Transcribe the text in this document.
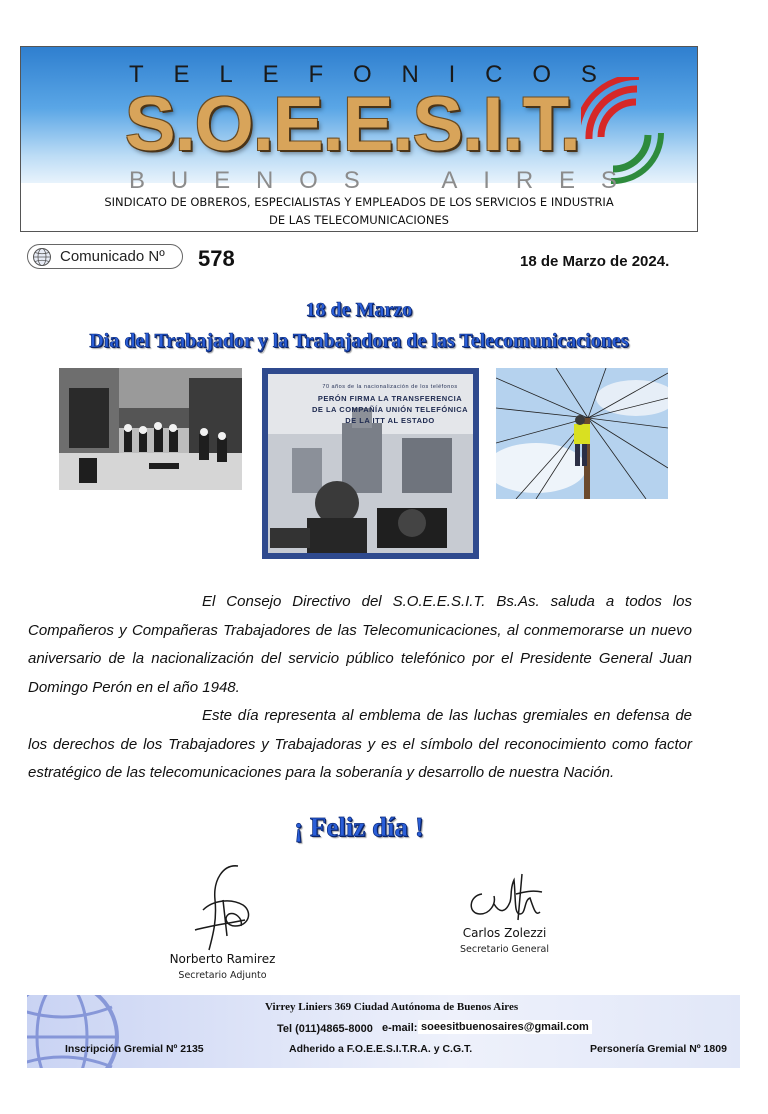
T E L E F O N I C O S
S.O.E.E.S.I.T.
B U E N O S	A I R E S
SINDICATO DE OBREROS, ESPECIALISTAS Y EMPLEADOS DE LOS SERVICIOS E INDUSTRIA
DE LAS TELECOMUNICACIONES
Comunicado Nº 578	18 de Marzo de 2024.
18 de Marzo
Dia del Trabajador y la Trabajadora de las Telecomunicaciones
70 años de la nacionalización de los teléfonos
PERÓN FIRMA LA TRANSFERENCIA
DE LA COMPAÑÍA UNIÓN TELEFÓNICA
DE LA ITT AL ESTADO

El Consejo Directivo del S.O.E.E.S.I.T. Bs.As. saluda a todos los Compañeros y Compañeras Trabajadores de las Telecomunicaciones, al conmemorarse un nuevo aniversario de la nacionalización del servicio público telefónico por el Presidente General Juan Domingo Perón en el año 1948.

Este día representa al emblema de las luchas gremiales en defensa de los derechos de los Trabajadores y Trabajadoras y es el símbolo del reconocimiento como factor estratégico de las telecomunicaciones para la soberanía y desarrollo de nuestra Nación.

¡ Feliz día !
Norberto Ramirez
Secretario Adjunto
Carlos Zolezzi
Secretario General
Virrey Liniers 369 Ciudad Autónoma de Buenos Aires
Tel (011)4865-8000 e-mail: soeesitbuenosaires@gmail.com
Inscripción Gremial Nº 2135	Adherido a F.O.E.E.S.I.T.R.A. y C.G.T.	Personería Gremial Nº 1809
